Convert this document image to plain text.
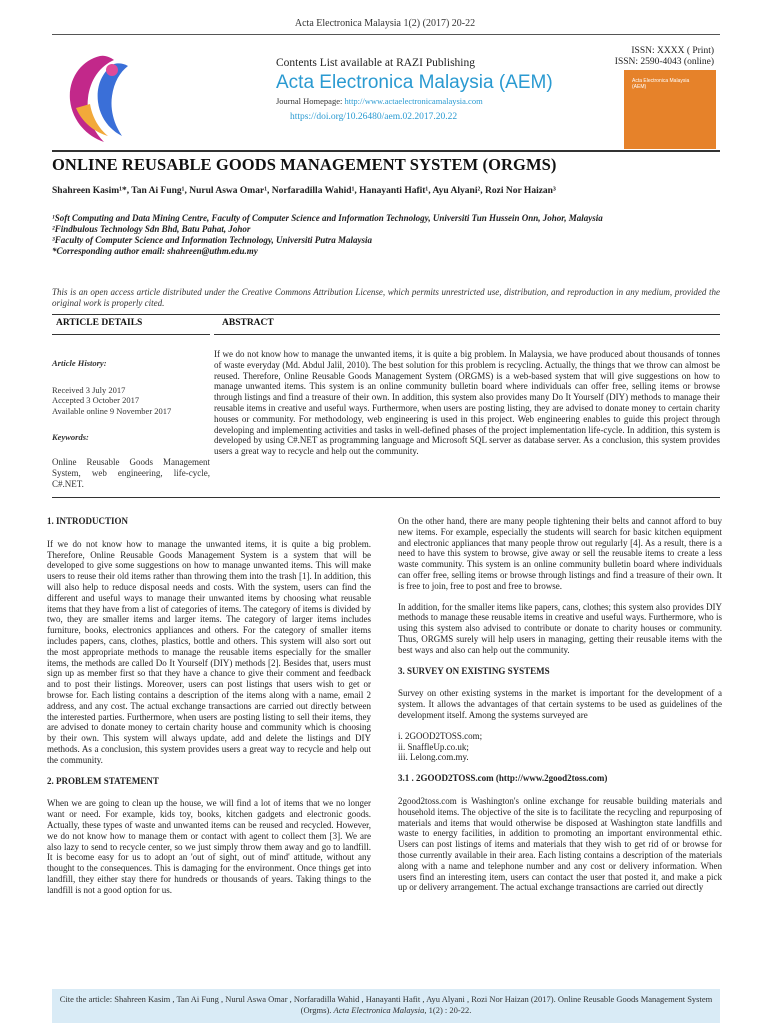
Acta Electronica Malaysia 1(2) (2017) 20-22
Contents List available at RAZI Publishing
Acta Electronica Malaysia (AEM)
Journal Homepage: http://www.actaelectronicamalaysia.com
https://doi.org/10.26480/aem.02.2017.20.22
ISSN: XXXX ( Print)
ISSN: 2590-4043 (online)
Acta Electronica Malaysia (AEM)
ONLINE REUSABLE GOODS MANAGEMENT SYSTEM (ORGMS)
Shahreen Kasim¹*, Tan Ai Fung¹, Nurul Aswa Omar¹, Norfaradilla Wahid¹, Hanayanti Hafit¹, Ayu Alyani², Rozi Nor Haizan³
¹Soft Computing and Data Mining Centre, Faculty of Computer Science and Information Technology, Universiti Tun Hussein Onn, Johor, Malaysia
²Findbulous Technology Sdn Bhd, Batu Pahat, Johor
³Faculty of Computer Science and Information Technology, Universiti Putra Malaysia
*Corresponding author email: shahreen@uthm.edu.my
This is an open access article distributed under the Creative Commons Attribution License, which permits unrestricted use, distribution, and reproduction in any medium, provided the original work is properly cited.
ARTICLE DETAILS	ABSTRACT
Article History:
Received 3 July 2017
Accepted 3 October 2017
Available online 9 November 2017
Keywords:
Online Reusable Goods Management System, web engineering, life-cycle, C#.NET.
If we do not know how to manage the unwanted items, it is quite a big problem. In Malaysia, we have produced about thousands of tonnes of waste everyday (Md. Abdul Jalil, 2010). The best solution for this problem is recycling. Actually, the things that we throw can almost be reused. Therefore, Online Reusable Goods Management System (ORGMS) is a web-based system that will give suggestions on how to manage unwanted items. This system is an online community bulletin board where individuals can offer free, selling items or browse through listings and find a treasure of their own. In addition, this system also provides many Do It Yourself (DIY) methods to manage their reusable items in creative and useful ways. Furthermore, when users are posting listing, they are advised to donate money to certain charity houses or community. For methodology, web engineering is used in this project. Web engineering enables to guide this project through developing and implementing activities and tasks in well-defined phases of the project implementation life-cycle. In addition, this system is developed by using C#.NET as programming language and Microsoft SQL server as database server. As a conclusion, this system provides users a great way to recycle and help out the community.
1. INTRODUCTION

If we do not know how to manage the unwanted items, it is quite a big problem. Therefore, Online Reusable Goods Management System is a system that will be developed to give some suggestions on how to manage unwanted items. This will make users to reuse their old items rather than throwing them into the trash [1]. In addition, this will also help to reduce disposal needs and costs. With the system, users can find the different and useful ways to manage their unwanted items by choosing what reusable items that they have from a list of categories of items. The category of items is divided by two, they are smaller items and larger items. The category of larger items includes furniture, books, electronics appliances and others. For the category of smaller items includes papers, cans, clothes, plastics, bottle and others. This system will also sort out the most appropriate methods to manage the reusable items especially for the smaller items, the methods are called Do It Yourself (DIY) methods [2]. Besides that, users must sign up as member first so that they have a chance to give their comment and feedback and to post their listings. Moreover, users can post listings that users wish to get or browse for. Each listing contains a description of the items along with a name, email 2 address, and any cost. The actual exchange transactions are carried out directly between the interested parties. Furthermore, when users are posting listing to sell their items, they are advised to donate money to certain charity house and community which is choosing by their own. This system will always update, add and delete the listings and DIY methods. As a conclusion, this system provides users a great way to recycle and help out the community.

2. PROBLEM STATEMENT

When we are going to clean up the house, we will find a lot of items that we no longer want or need. For example, kids toy, books, kitchen gadgets and electronic goods. Actually, these types of waste and unwanted items can be reused and recycled. However, we do not know how to manage them or contact with agent to collect them [3]. We are also lazy to send to recycle center, so we just simply throw them away and go to landfill. It is become easy for us to adopt an 'out of sight, out of mind' attitude, without any thought to the consequences. This is damaging for the environment. Once things get into landfill, they either stay there for hundreds or thousands of years. Taking things to the landfill is not a good option for us.

On the other hand, there are many people tightening their belts and cannot afford to buy new items. For example, especially the students will search for basic kitchen equipment and electronic appliances that many people throw out regularly [4]. As a result, there is a need to have this system to browse, give away or sell the reusable items to create a less waste community. This system is an online community bulletin board where individuals can offer free, selling items or browse through listings and find a treasure of their own. It is free to join, free to post and free to browse.

In addition, for the smaller items like papers, cans, clothes; this system also provides DIY methods to manage these reusable items in creative and useful ways. Furthermore, who is using this system also advised to contribute or donate to charity houses or community. Thus, ORGMS surely will help users in managing, getting their reusable items with the best ways and also can help out the community.

3. SURVEY ON EXISTING SYSTEMS

Survey on other existing systems in the market is important for the development of a system. It allows the advantages of that certain systems to be used as guidelines of the development itself. Among the systems surveyed are

i. 2GOOD2TOSS.com;
ii. SnaffleUp.co.uk;
iii. Lelong.com.my.
3.1 . 2GOOD2TOSS.com (http://www.2good2toss.com)

2good2toss.com is Washington's online exchange for reusable building materials and household items. The objective of the site is to facilitate the recycling and repurposing of materials and items that would otherwise be disposed at Washington state landfills and waste to energy facilities, in addition to promoting an important environmental ethic. Users can post listings of items and materials that they wish to get rid of or browse for those currently available in their area. Each listing contains a description of the materials along with a name and telephone number and any cost or delivery information. When users find an interesting item, users can contact the user that posted it, and make a pick up or delivery arrangement. The actual exchange transactions are carried out directly

Cite the article: Shahreen Kasim , Tan Ai Fung , Nurul Aswa Omar , Norfaradilla Wahid , Hanayanti Hafit , Ayu Alyani , Rozi Nor Haizan (2017). Online Reusable Goods Management System (Orgms). Acta Electronica Malaysia, 1(2) : 20-22.
